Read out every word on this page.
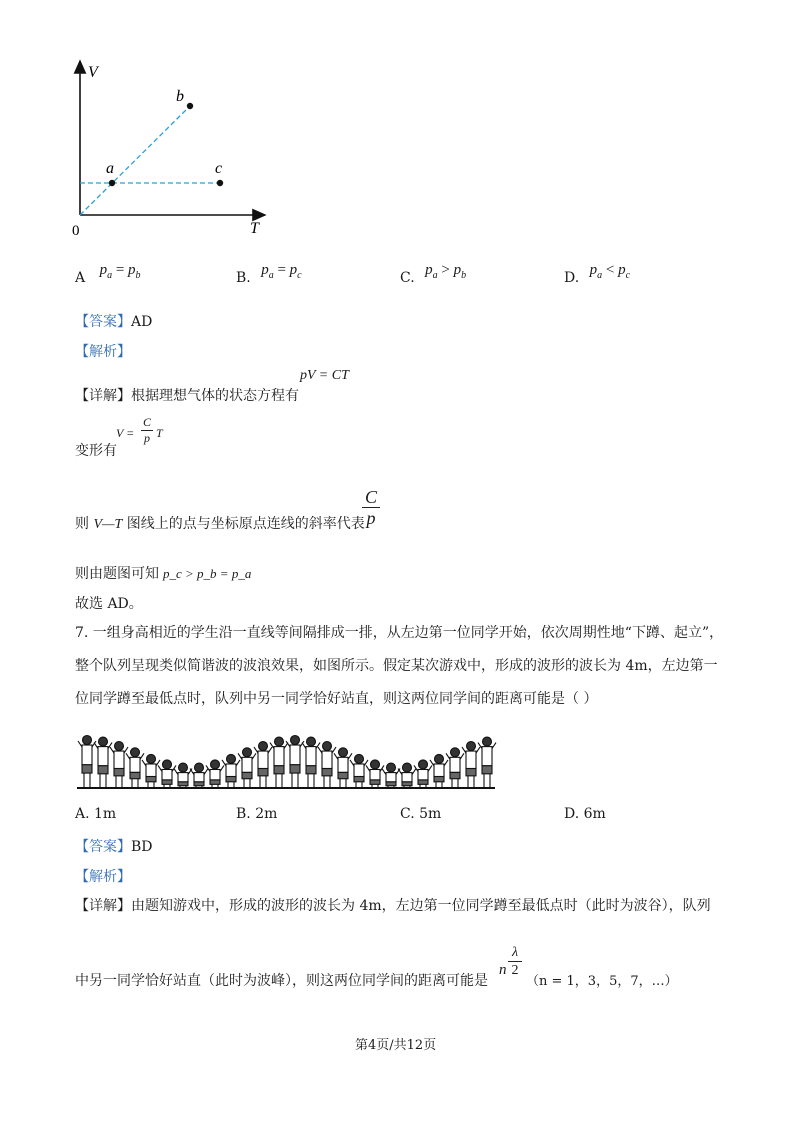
V
T
0
a
b
c
A $p_a = p_b$	B. $p_a = p_c$	C. $p_a > p_b$	D. $p_a < p_c$
【答案】AD
【解析】
【详解】根据理想气体的状态方程有
pV = CT
变形有
V =
C
p T
则 V—T 图线上的点与坐标原点连线的斜率代表
C
p
则由题图可知 p_c > p_b = p_a
故选 AD。
7. 一组身高相近的学生沿一直线等间隔排成一排，从左边第一位同学开始，依次周期性地“下蹲、起立”，
整个队列呈现类似简谐波的波浪效果，如图所示。假定某次游戏中，形成的波形的波长为 4m，左边第一
位同学蹲至最低点时，队列中另一同学恰好站直，则这两位同学间的距离可能是（ ）
A. 1m	B. 2m	C. 5m	D. 6m
【答案】BD
【解析】
【详解】由题知游戏中，形成的波形的波长为 4m，左边第一位同学蹲至最低点时（此时为波谷），队列
中另一同学恰好站直（此时为波峰），则这两位同学间的距离可能是
n
λ
2
（n = 1，3，5，7，…）
第4页/共12页
